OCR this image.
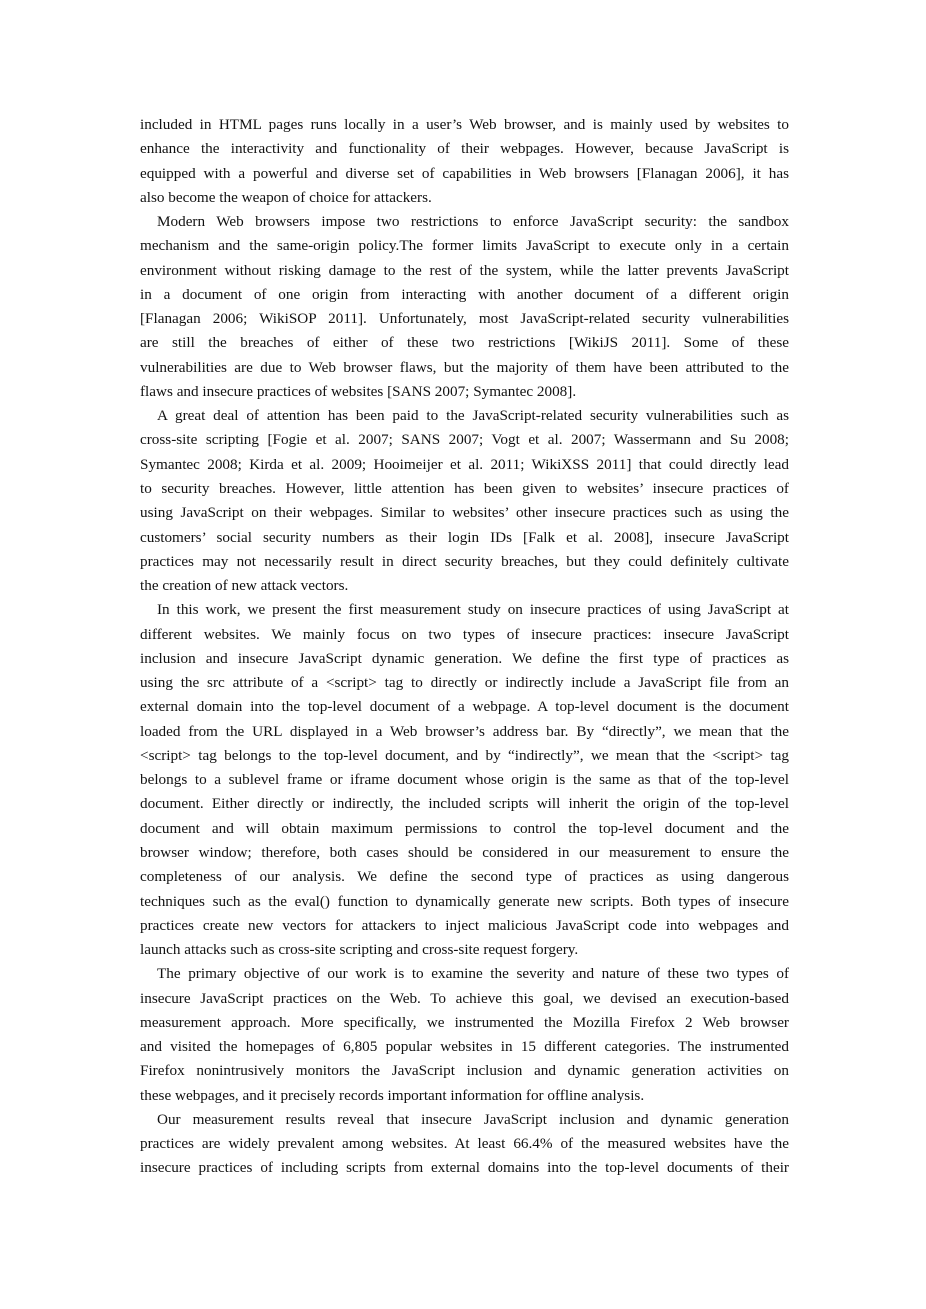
included in HTML pages runs locally in a user’s Web browser, and is mainly used by websites to
enhance the interactivity and functionality of their webpages. However, because JavaScript is
equipped with a powerful and diverse set of capabilities in Web browsers [Flanagan 2006], it has
also become the weapon of choice for attackers.
Modern Web browsers impose two restrictions to enforce JavaScript security: the sandbox
mechanism and the same-origin policy.The former limits JavaScript to execute only in a certain
environment without risking damage to the rest of the system, while the latter prevents JavaScript
in a document of one origin from interacting with another document of a different origin
[Flanagan 2006; WikiSOP 2011]. Unfortunately, most JavaScript-related security vulnerabilities
are still the breaches of either of these two restrictions [WikiJS 2011]. Some of these
vulnerabilities are due to Web browser flaws, but the majority of them have been attributed to the
flaws and insecure practices of websites [SANS 2007; Symantec 2008].
A great deal of attention has been paid to the JavaScript-related security vulnerabilities such as
cross-site scripting [Fogie et al. 2007; SANS 2007; Vogt et al. 2007; Wassermann and Su 2008;
Symantec 2008; Kirda et al. 2009; Hooimeijer et al. 2011; WikiXSS 2011] that could directly lead
to security breaches. However, little attention has been given to websites’ insecure practices of
using JavaScript on their webpages. Similar to websites’ other insecure practices such as using the
customers’ social security numbers as their login IDs [Falk et al. 2008], insecure JavaScript
practices may not necessarily result in direct security breaches, but they could definitely cultivate
the creation of new attack vectors.
In this work, we present the first measurement study on insecure practices of using JavaScript at
different websites. We mainly focus on two types of insecure practices: insecure JavaScript
inclusion and insecure JavaScript dynamic generation. We define the first type of practices as
using the src attribute of a <script> tag to directly or indirectly include a JavaScript file from an
external domain into the top-level document of a webpage. A top-level document is the document
loaded from the URL displayed in a Web browser’s address bar. By “directly”, we mean that the
<script> tag belongs to the top-level document, and by “indirectly”, we mean that the <script> tag
belongs to a sublevel frame or iframe document whose origin is the same as that of the top-level
document. Either directly or indirectly, the included scripts will inherit the origin of the top-level
document and will obtain maximum permissions to control the top-level document and the
browser window; therefore, both cases should be considered in our measurement to ensure the
completeness of our analysis. We define the second type of practices as using dangerous
techniques such as the eval() function to dynamically generate new scripts. Both types of insecure
practices create new vectors for attackers to inject malicious JavaScript code into webpages and
launch attacks such as cross-site scripting and cross-site request forgery.
The primary objective of our work is to examine the severity and nature of these two types of
insecure JavaScript practices on the Web. To achieve this goal, we devised an execution-based
measurement approach. More specifically, we instrumented the Mozilla Firefox 2 Web browser
and visited the homepages of 6,805 popular websites in 15 different categories. The instrumented
Firefox nonintrusively monitors the JavaScript inclusion and dynamic generation activities on
these webpages, and it precisely records important information for offline analysis.
Our measurement results reveal that insecure JavaScript inclusion and dynamic generation
practices are widely prevalent among websites. At least 66.4% of the measured websites have the
insecure practices of including scripts from external domains into the top-level documents of their
